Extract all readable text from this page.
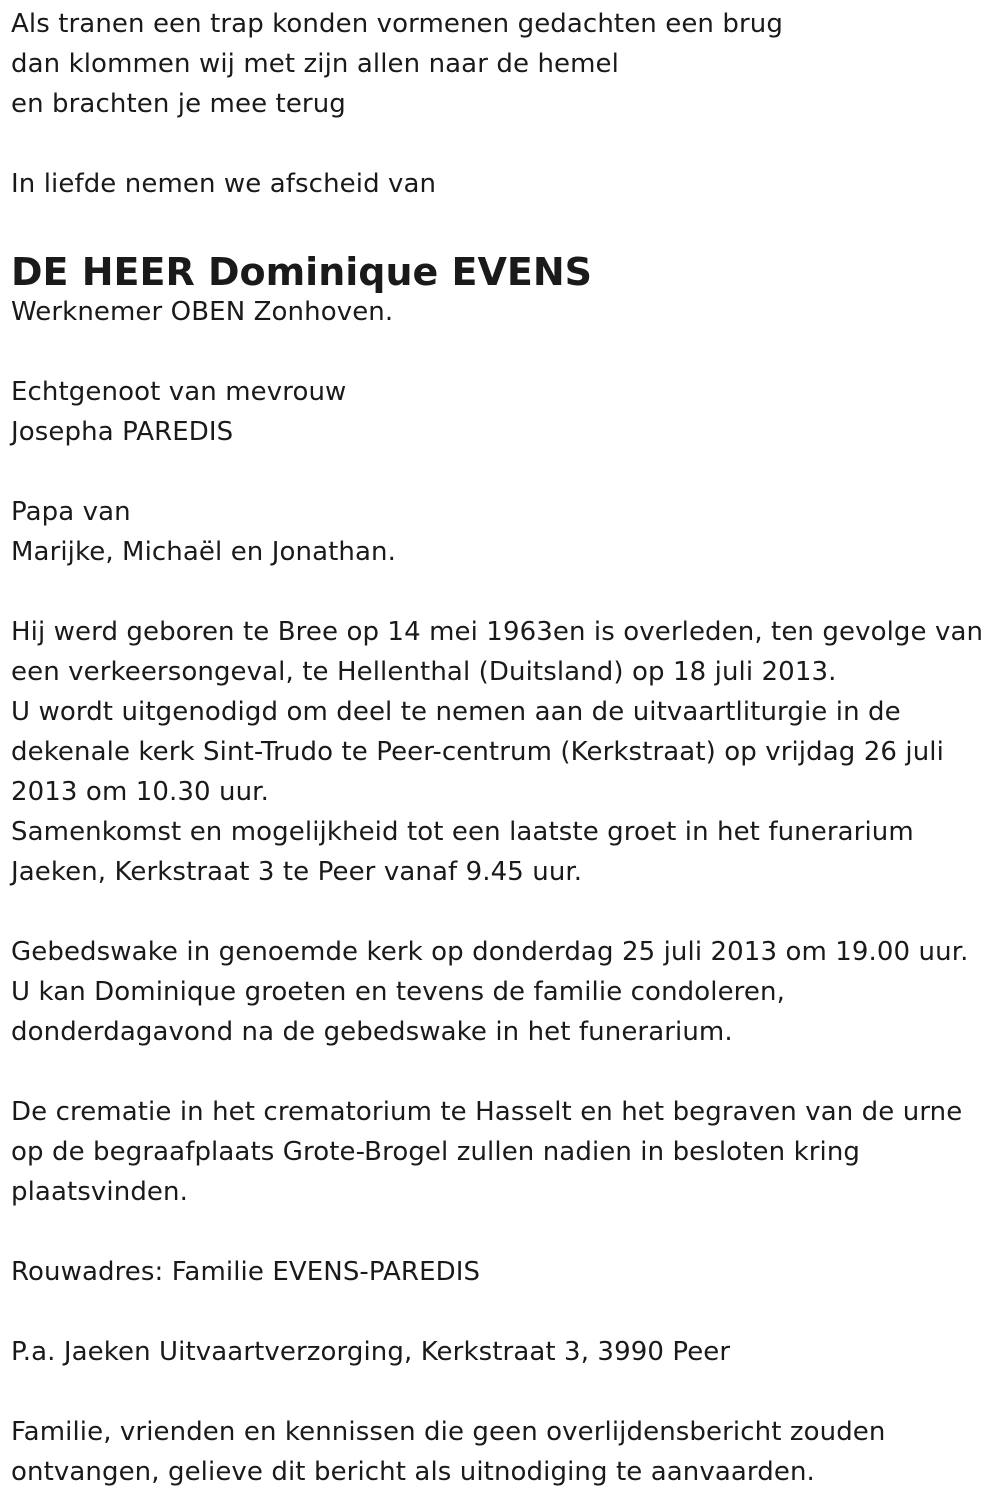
Als tranen een trap konden vormenen gedachten een brug
dan klommen wij met zijn allen naar de hemel
en brachten je mee terug
In liefde nemen we afscheid van
DE HEER Dominique EVENS
Werknemer OBEN Zonhoven.
Echtgenoot van mevrouw
Josepha PAREDIS
Papa van
Marijke, Michaël en Jonathan.
Hij werd geboren te Bree op 14 mei 1963en is overleden, ten gevolge van
een verkeersongeval, te Hellenthal (Duitsland) op 18 juli 2013.
U wordt uitgenodigd om deel te nemen aan de uitvaartliturgie in de
dekenale kerk Sint-Trudo te Peer-centrum (Kerkstraat) op vrijdag 26 juli
2013 om 10.30 uur.
Samenkomst en mogelijkheid tot een laatste groet in het funerarium
Jaeken, Kerkstraat 3 te Peer vanaf 9.45 uur.
Gebedswake in genoemde kerk op donderdag 25 juli 2013 om 19.00 uur.
U kan Dominique groeten en tevens de familie condoleren,
donderdagavond na de gebedswake in het funerarium.
De crematie in het crematorium te Hasselt en het begraven van de urne
op de begraafplaats Grote-Brogel zullen nadien in besloten kring
plaatsvinden.
Rouwadres: Familie EVENS-PAREDIS
P.a. Jaeken Uitvaartverzorging, Kerkstraat 3, 3990 Peer
Familie, vrienden en kennissen die geen overlijdensbericht zouden
ontvangen, gelieve dit bericht als uitnodiging te aanvaarden.
